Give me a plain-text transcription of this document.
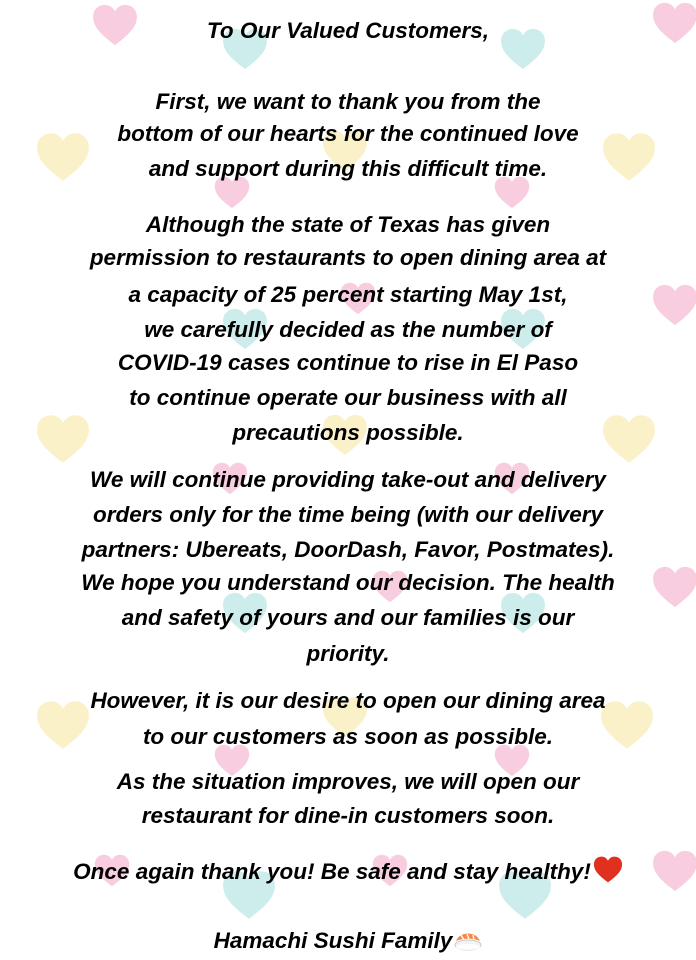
To Our Valued Customers,
First, we want to thank you from the
bottom of our hearts for the continued love
and support during this difficult time.
Although the state of Texas has given
permission to restaurants to open dining area at
a capacity of 25 percent starting May 1st,
we carefully decided as the number of
COVID-19 cases continue to rise in El Paso
to continue operate our business with all
precautions possible.
We will continue providing take-out and delivery
orders only for the time being (with our delivery
partners: Ubereats, DoorDash, Favor, Postmates).
We hope you understand our decision. The health
and safety of yours and our families is our
priority.
However, it is our desire to open our dining area
to our customers as soon as possible.
As the situation improves, we will open our
restaurant for dine-in customers soon.
Once again thank you! Be safe and stay healthy!
Hamachi Sushi Family
